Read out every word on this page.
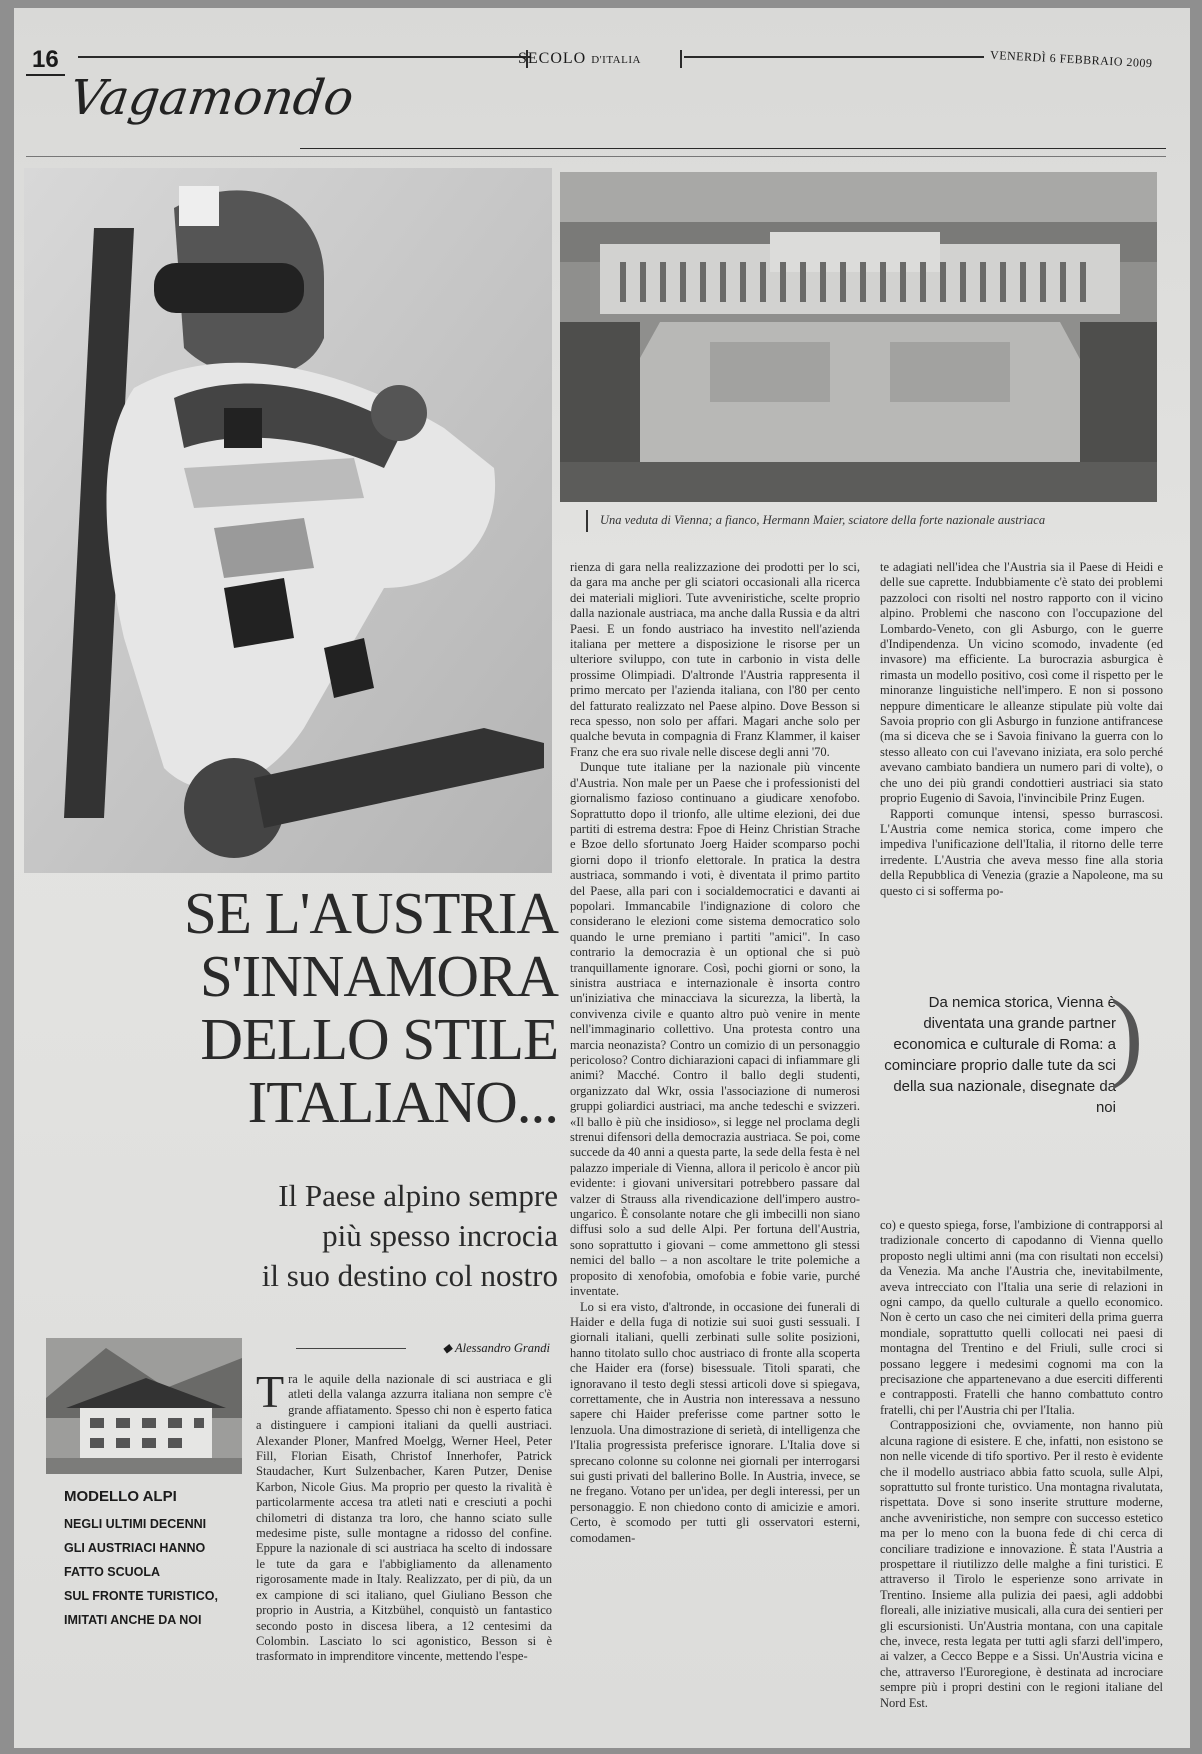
16	SECOLO D'ITALIA	VENERDÌ 6 FEBBRAIO 2009
Vagamondo
Una veduta di Vienna; a fianco, Hermann Maier, sciatore della forte nazionale austriaca
SE L'AUSTRIA
S'INNAMORA
DELLO STILE
ITALIANO...
Il Paese alpino sempre
più spesso incrocia
il suo destino col nostro
◆ Alessandro Grandi
MODELLO ALPI
NEGLI ULTIMI DECENNI
GLI AUSTRIACI HANNO
FATTO SCUOLA
SUL FRONTE TURISTICO,
IMITATI ANCHE DA NOI
Tra le aquile della nazionale di sci austriaca e gli atleti della valanga azzurra italiana non sempre c'è grande affiatamento. Spesso chi non è esperto fatica a distinguere i campioni italiani da quelli austriaci. Alexander Ploner, Manfred Moelgg, Werner Heel, Peter Fill, Florian Eisath, Christof Innerhofer, Patrick Staudacher, Kurt Sulzenbacher, Karen Putzer, Denise Karbon, Nicole Gius. Ma proprio per questo la rivalità è particolarmente accesa tra atleti nati e cresciuti a pochi chilometri di distanza tra loro, che hanno sciato sulle medesime piste, sulle montagne a ridosso del confine. Eppure la nazionale di sci austriaca ha scelto di indossare le tute da gara e l'abbigliamento da allenamento rigorosamente made in Italy. Realizzato, per di più, da un ex campione di sci italiano, quel Giuliano Besson che proprio in Austria, a Kitzbühel, conquistò un fantastico secondo posto in discesa libera, a 12 centesimi da Colombin. Lasciato lo sci agonistico, Besson si è trasformato in imprenditore vincente, mettendo l'espe-

rienza di gara nella realizzazione dei prodotti per lo sci, da gara ma anche per gli sciatori occasionali alla ricerca dei materiali migliori. Tute avveniristiche, scelte proprio dalla nazionale austriaca, ma anche dalla Russia e da altri Paesi. E un fondo austriaco ha investito nell'azienda italiana per mettere a disposizione le risorse per un ulteriore sviluppo, con tute in carbonio in vista delle prossime Olimpiadi. D'altronde l'Austria rappresenta il primo mercato per l'azienda italiana, con l'80 per cento del fatturato realizzato nel Paese alpino. Dove Besson si reca spesso, non solo per affari. Magari anche solo per qualche bevuta in compagnia di Franz Klammer, il kaiser Franz che era suo rivale nelle discese degli anni '70.

Dunque tute italiane per la nazionale più vincente d'Austria. Non male per un Paese che i professionisti del giornalismo fazioso continuano a giudicare xenofobo. Soprattutto dopo il trionfo, alle ultime elezioni, dei due partiti di estrema destra: Fpoe di Heinz Christian Strache e Bzoe dello sfortunato Joerg Haider scomparso pochi giorni dopo il trionfo elettorale. In pratica la destra austriaca, sommando i voti, è diventata il primo partito del Paese, alla pari con i socialdemocratici e davanti ai popolari. Immancabile l'indignazione di coloro che considerano le elezioni come sistema democratico solo quando le urne premiano i partiti "amici". In caso contrario la democrazia è un optional che si può tranquillamente ignorare. Così, pochi giorni or sono, la sinistra austriaca e internazionale è insorta contro un'iniziativa che minacciava la sicurezza, la libertà, la convivenza civile e quanto altro può venire in mente nell'immaginario collettivo. Una protesta contro una marcia neonazista? Contro un comizio di un personaggio pericoloso? Contro dichiarazioni capaci di infiammare gli animi? Macché. Contro il ballo degli studenti, organizzato dal Wkr, ossia l'associazione di numerosi gruppi goliardici austriaci, ma anche tedeschi e svizzeri. «Il ballo è più che insidioso», si legge nel proclama degli strenui difensori della democrazia austriaca. Se poi, come succede da 40 anni a questa parte, la sede della festa è nel palazzo imperiale di Vienna, allora il pericolo è ancor più evidente: i giovani universitari potrebbero passare dal valzer di Strauss alla rivendicazione dell'impero austro-ungarico. È consolante notare che gli imbecilli non siano diffusi solo a sud delle Alpi. Per fortuna dell'Austria, sono soprattutto i giovani – come ammettono gli stessi nemici del ballo – a non ascoltare le trite polemiche a proposito di xenofobia, omofobia e fobie varie, purché inventate.

Lo si era visto, d'altronde, in occasione dei funerali di Haider e della fuga di notizie sui suoi gusti sessuali. I giornali italiani, quelli zerbinati sulle solite posizioni, hanno titolato sullo choc austriaco di fronte alla scoperta che Haider era (forse) bisessuale. Titoli sparati, che ignoravano il testo degli stessi articoli dove si spiegava, correttamente, che in Austria non interessava a nessuno sapere chi Haider preferisse come partner sotto le lenzuola. Una dimostrazione di serietà, di intelligenza che l'Italia progressista preferisce ignorare. L'Italia dove si sprecano colonne su colonne nei giornali per interrogarsi sui gusti privati del ballerino Bolle. In Austria, invece, se ne fregano. Votano per un'idea, per degli interessi, per un personaggio. E non chiedono conto di amicizie e amori. Certo, è scomodo per tutti gli osservatori esterni, comodamen-

te adagiati nell'idea che l'Austria sia il Paese di Heidi e delle sue caprette. Indubbiamente c'è stato dei problemi pazzoloci con risolti nel nostro rapporto con il vicino alpino. Problemi che nascono con l'occupazione del Lombardo-Veneto, con gli Asburgo, con le guerre d'Indipendenza. Un vicino scomodo, invadente (ed invasore) ma efficiente. La burocrazia asburgica è rimasta un modello positivo, così come il rispetto per le minoranze linguistiche nell'impero. E non si possono neppure dimenticare le alleanze stipulate più volte dai Savoia proprio con gli Asburgo in funzione antifrancese (ma si diceva che se i Savoia finivano la guerra con lo stesso alleato con cui l'avevano iniziata, era solo perché avevano cambiato bandiera un numero pari di volte), o che uno dei più grandi condottieri austriaci sia stato proprio Eugenio di Savoia, l'invincibile Prinz Eugen.

Rapporti comunque intensi, spesso burrascosi. L'Austria come nemica storica, come impero che impediva l'unificazione dell'Italia, il ritorno delle terre irredente. L'Austria che aveva messo fine alla storia della Repubblica di Venezia (grazie a Napoleone, ma su questo ci si sofferma po-

Da nemica storica, Vienna è diventata una grande partner economica e culturale di Roma: a cominciare proprio dalle tute da sci della sua nazionale, disegnate da noi
)

co) e questo spiega, forse, l'ambizione di contrapporsi al tradizionale concerto di capodanno di Vienna quello proposto negli ultimi anni (ma con risultati non eccelsi) da Venezia. Ma anche l'Austria che, inevitabilmente, aveva intrecciato con l'Italia una serie di relazioni in ogni campo, da quello culturale a quello economico. Non è certo un caso che nei cimiteri della prima guerra mondiale, soprattutto quelli collocati nei paesi di montagna del Trentino e del Friuli, sulle croci si possano leggere i medesimi cognomi ma con la precisazione che appartenevano a due eserciti differenti e contrapposti. Fratelli che hanno combattuto contro fratelli, chi per l'Austria chi per l'Italia.

Contrapposizioni che, ovviamente, non hanno più alcuna ragione di esistere. E che, infatti, non esistono se non nelle vicende di tifo sportivo. Per il resto è evidente che il modello austriaco abbia fatto scuola, sulle Alpi, soprattutto sul fronte turistico. Una montagna rivalutata, rispettata. Dove si sono inserite strutture moderne, anche avveniristiche, non sempre con successo estetico ma per lo meno con la buona fede di chi cerca di conciliare tradizione e innovazione. È stata l'Austria a prospettare il riutilizzo delle malghe a fini turistici. E attraverso il Tirolo le esperienze sono arrivate in Trentino. Insieme alla pulizia dei paesi, agli addobbi floreali, alle iniziative musicali, alla cura dei sentieri per gli escursionisti. Un'Austria montana, con una capitale che, invece, resta legata per tutti agli sfarzi dell'impero, ai valzer, a Cecco Beppe e a Sissi. Un'Austria vicina e che, attraverso l'Euroregione, è destinata ad incrociare sempre più i propri destini con le regioni italiane del Nord Est.
